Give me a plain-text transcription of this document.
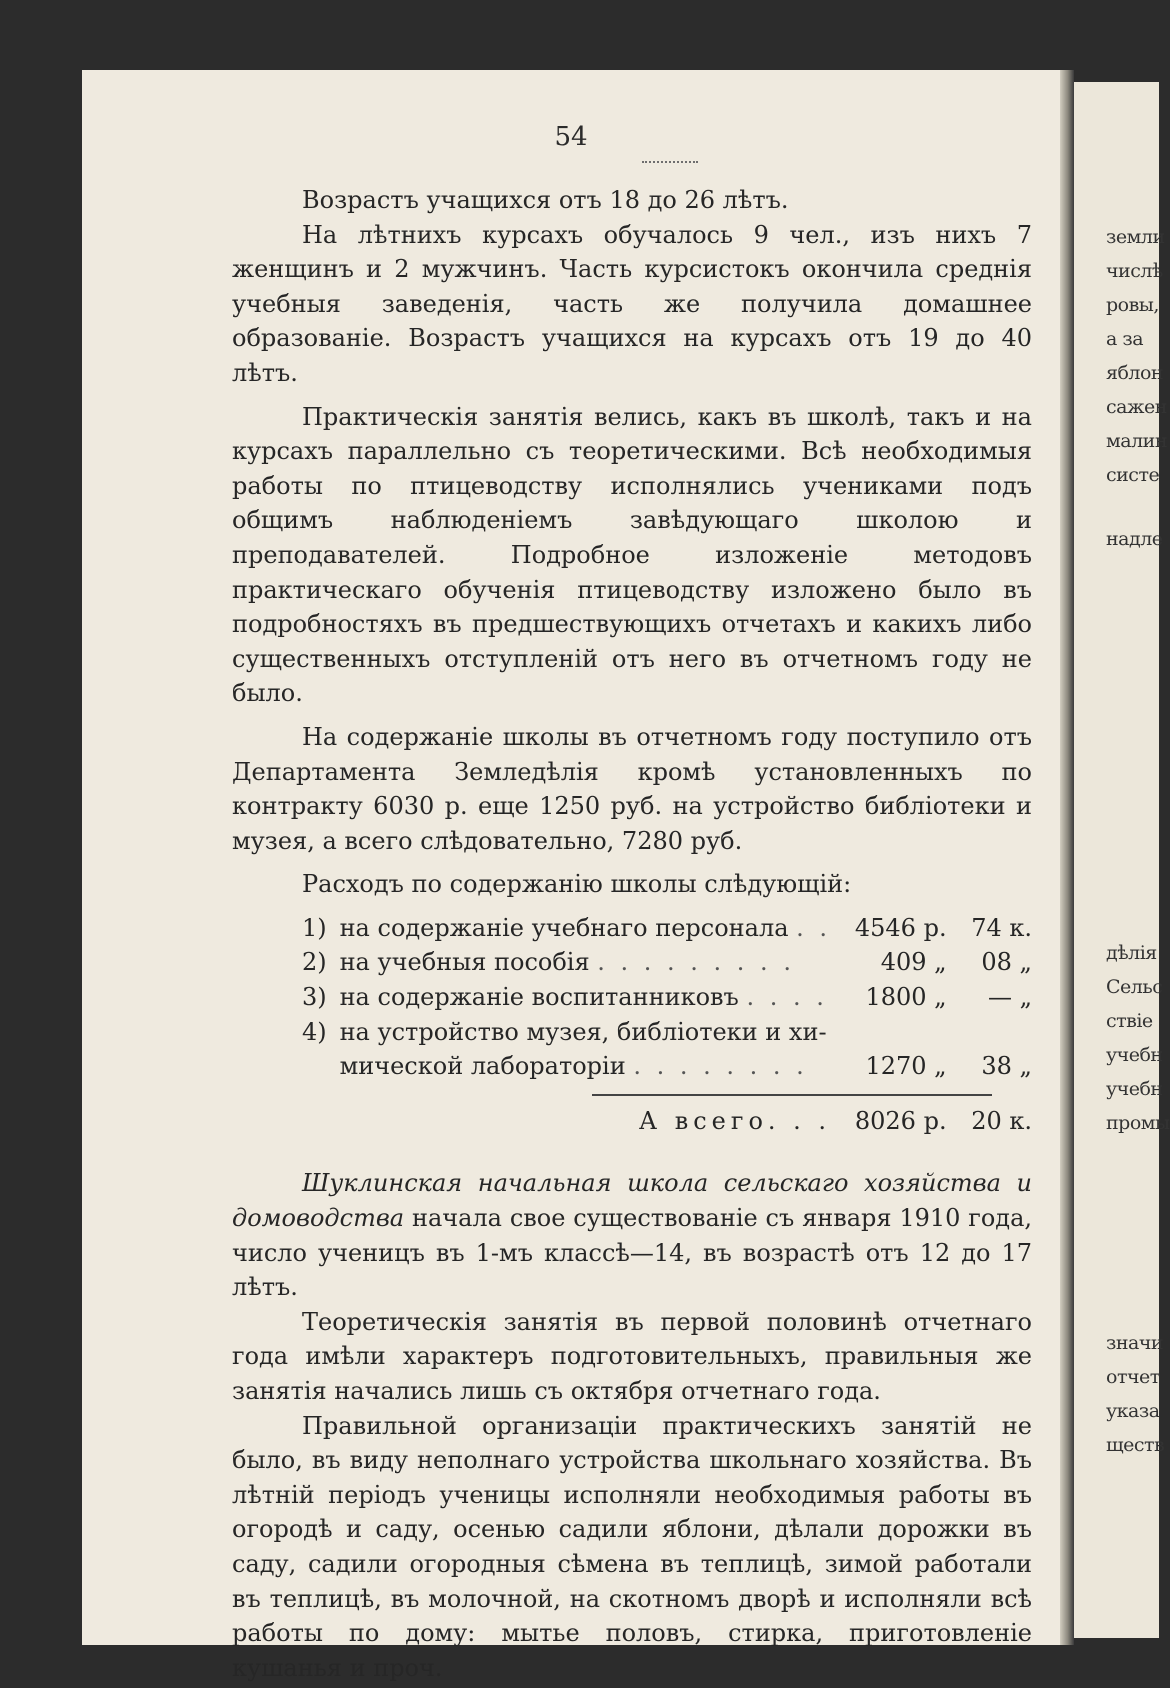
земли
числѣ
ровы,
а за
яблон
сажен
малин
систе
надле
дѣлія
Сельс
ствіе
учебн
учебн
промы
значи
отчет
указа
ществ
54

Возрастъ учащихся отъ 18 до 26 лѣтъ.

На лѣтнихъ курсахъ обучалось 9 чел., изъ нихъ 7 женщинъ и 2 мужчинъ. Часть курсистокъ окончила среднія учебныя заведенія, часть же получила домашнее образованіе. Возрастъ учащихся на курсахъ отъ 19 до 40 лѣтъ.

Практическія занятія велись, какъ въ школѣ, такъ и на курсахъ параллельно съ теоретическими. Всѣ необходимыя работы по птицеводству исполнялись учениками подъ общимъ наблюденіемъ завѣдующаго школою и преподавателей. Подробное изложеніе методовъ практическаго обученія птицеводству изложено было въ подробностяхъ въ предшествующихъ отчетахъ и какихъ либо существенныхъ отступленій отъ него въ отчетномъ году не было.

На содержаніе школы въ отчетномъ году поступило отъ Департамента Земледѣлія кромѣ установленныхъ по контракту 6030 р. еще 1250 руб. на устройство библіотеки и музея, а всего слѣдовательно, 7280 руб.

Расходъ по содержанію школы слѣдующій:

1)	на содержаніе учебнаго персонала . .	4546 р.	74 к.
2)	на учебныя пособія . . . . . . . . .	409 „	08 „
3)	на содержаніе воспитанниковъ . . . .	1800 „	— „
4)	на устройство музея, библіотеки и хи-		
	мической лабораторіи . . . . . . . .	1270 „	38 „

	А всего. . .	8026 р.	20 к.

Шуклинская начальная школа сельскаго хозяйства и домоводства начала свое существованіе съ января 1910 года, число ученицъ въ 1-мъ классѣ—14, въ возрастѣ отъ 12 до 17 лѣтъ.

Теоретическія занятія въ первой половинѣ отчетнаго года имѣли характеръ подготовительныхъ, правильныя же занятія начались лишь съ октября отчетнаго года.

Правильной организаціи практическихъ занятій не было, въ виду неполнаго устройства школьнаго хозяйства. Въ лѣтній періодъ ученицы исполняли необходимыя работы въ огородѣ и саду, осенью садили яблони, дѣлали дорожки въ саду, садили огородныя сѣмена въ теплицѣ, зимой работали въ теплицѣ, въ молочной, на скотномъ дворѣ и исполняли всѣ работы по дому: мытье половъ, стирка, приготовленіе кушанья и проч.
